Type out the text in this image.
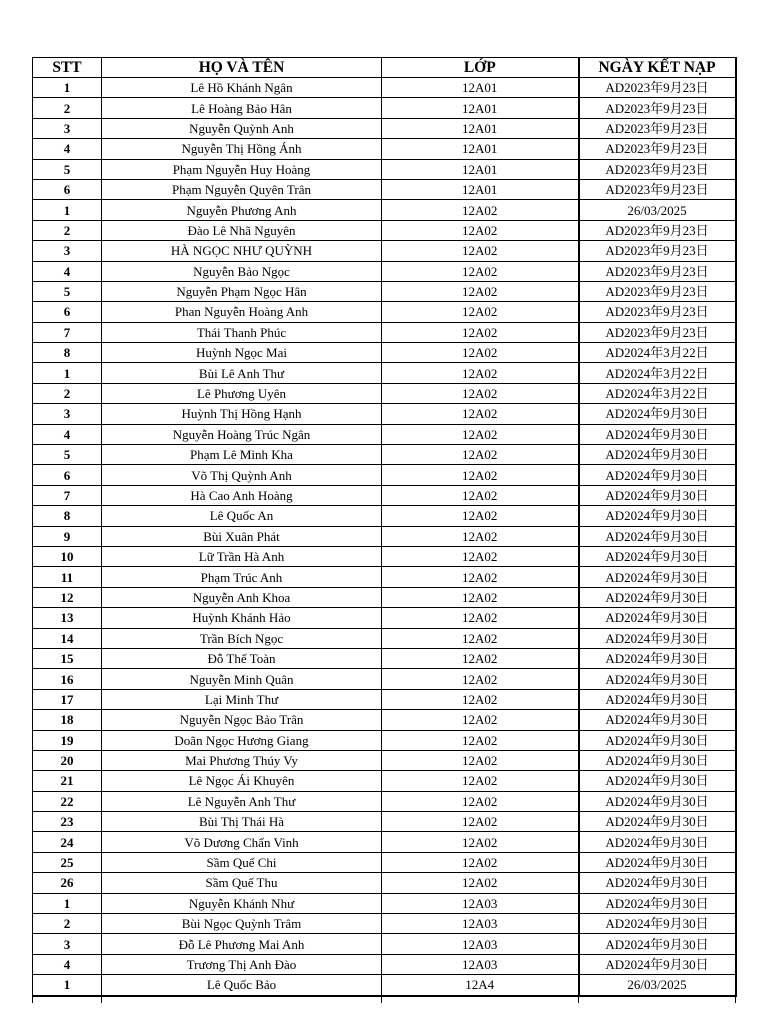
STT	HỌ VÀ TÊN	LỚP	NGÀY KẾT NẠP
1	Lê Hồ Khánh Ngân	12A01	AD2023年9月23日
2	Lê Hoàng Bảo Hân	12A01	AD2023年9月23日
3	Nguyễn Quỳnh Anh	12A01	AD2023年9月23日
4	Nguyễn Thị Hồng Ánh	12A01	AD2023年9月23日
5	Phạm Nguyễn Huy Hoàng	12A01	AD2023年9月23日
6	Phạm Nguyễn Quyên Trân	12A01	AD2023年9月23日
1	Nguyễn Phương Anh	12A02	26/03/2025
2	Đào Lê Nhã Nguyên	12A02	AD2023年9月23日
3	HÀ NGỌC NHƯ QUỲNH	12A02	AD2023年9月23日
4	Nguyễn Bảo Ngọc	12A02	AD2023年9月23日
5	Nguyễn Phạm Ngọc Hân	12A02	AD2023年9月23日
6	Phan Nguyễn Hoàng Anh	12A02	AD2023年9月23日
7	Thái Thanh Phúc	12A02	AD2023年9月23日
8	Huỳnh Ngọc Mai	12A02	AD2024年3月22日
1	Bùi Lê Anh Thư	12A02	AD2024年3月22日
2	Lê Phương Uyên	12A02	AD2024年3月22日
3	Huỳnh Thị Hồng Hạnh	12A02	AD2024年9月30日
4	Nguyễn Hoàng Trúc Ngân	12A02	AD2024年9月30日
5	Phạm Lê Minh Kha	12A02	AD2024年9月30日
6	Võ Thị Quỳnh Anh	12A02	AD2024年9月30日
7	Hà Cao Anh Hoàng	12A02	AD2024年9月30日
8	Lê Quốc An	12A02	AD2024年9月30日
9	Bùi Xuân Phát	12A02	AD2024年9月30日
10	Lữ Trần Hà Anh	12A02	AD2024年9月30日
11	Phạm Trúc Anh	12A02	AD2024年9月30日
12	Nguyễn Anh Khoa	12A02	AD2024年9月30日
13	Huỳnh Khánh Hảo	12A02	AD2024年9月30日
14	Trần Bích Ngọc	12A02	AD2024年9月30日
15	Đỗ Thế Toàn	12A02	AD2024年9月30日
16	Nguyễn Minh Quân	12A02	AD2024年9月30日
17	Lại Minh Thư	12A02	AD2024年9月30日
18	Nguyễn Ngọc Bảo Trân	12A02	AD2024年9月30日
19	Doãn Ngọc Hương Giang	12A02	AD2024年9月30日
20	Mai Phương Thúy Vy	12A02	AD2024年9月30日
21	Lê Ngọc Ái Khuyên	12A02	AD2024年9月30日
22	Lê Nguyễn Anh Thư	12A02	AD2024年9月30日
23	Bùi Thị Thái Hà	12A02	AD2024年9月30日
24	Võ Dương Chấn Vinh	12A02	AD2024年9月30日
25	Sầm Quế Chi	12A02	AD2024年9月30日
26	Sầm Quế Thu	12A02	AD2024年9月30日
1	Nguyễn Khánh Như	12A03	AD2024年9月30日
2	Bùi Ngọc Quỳnh Trâm	12A03	AD2024年9月30日
3	Đỗ Lê Phương Mai Anh	12A03	AD2024年9月30日
4	Trương Thị Anh Đào	12A03	AD2024年9月30日
1	Lê Quốc Bảo	12A4	26/03/2025
